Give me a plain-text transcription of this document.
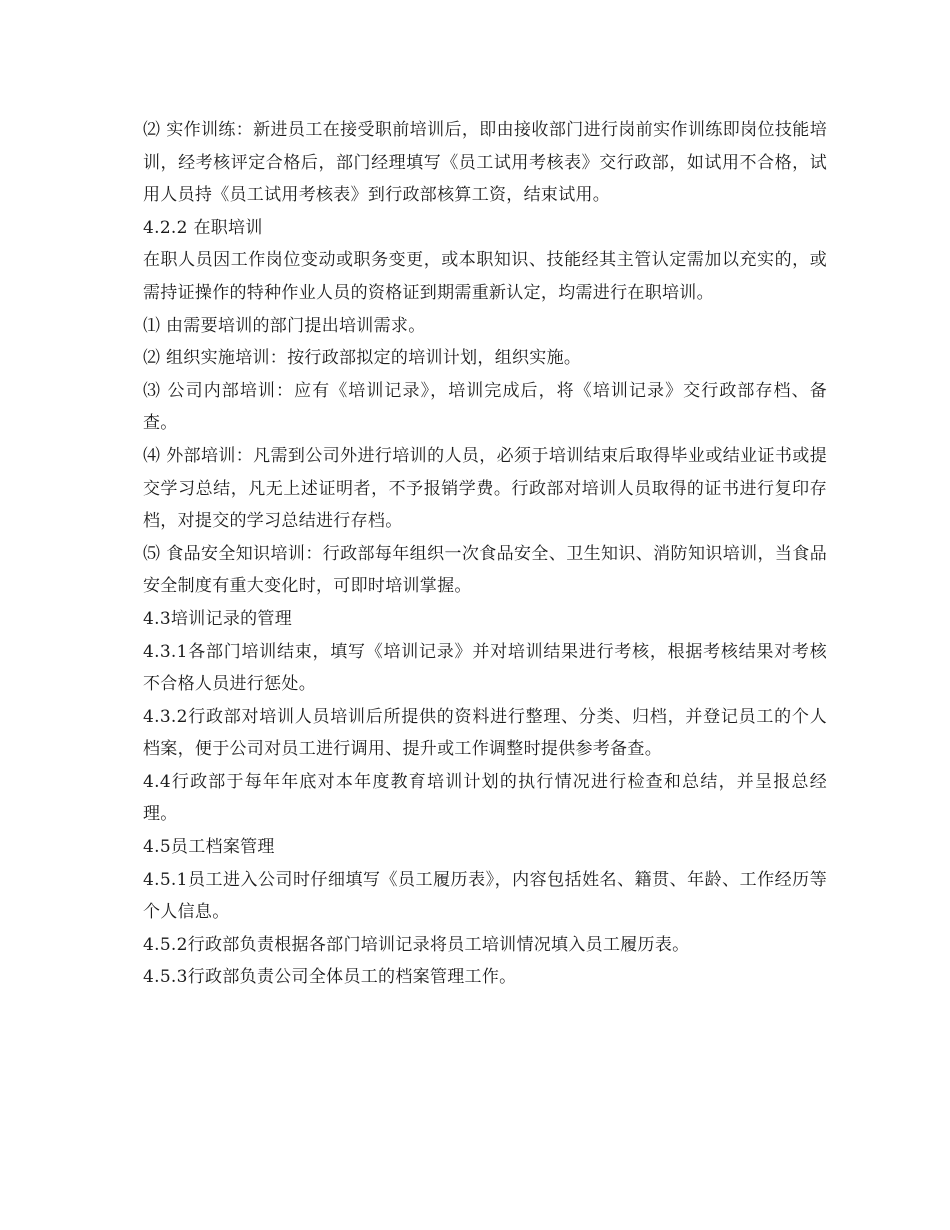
⑵ 实作训练：新进员工在接受职前培训后，即由接收部门进行岗前实作训练即岗位技能培训，经考核评定合格后，部门经理填写《员工试用考核表》交行政部，如试用不合格，试用人员持《员工试用考核表》到行政部核算工资，结束试用。

4.2.2 在职培训

在职人员因工作岗位变动或职务变更，或本职知识、技能经其主管认定需加以充实的，或需持证操作的特种作业人员的资格证到期需重新认定，均需进行在职培训。

⑴ 由需要培训的部门提出培训需求。

⑵ 组织实施培训：按行政部拟定的培训计划，组织实施。

⑶ 公司内部培训：应有《培训记录》，培训完成后，将《培训记录》交行政部存档、备查。

⑷ 外部培训：凡需到公司外进行培训的人员，必须于培训结束后取得毕业或结业证书或提交学习总结，凡无上述证明者，不予报销学费。行政部对培训人员取得的证书进行复印存档，对提交的学习总结进行存档。

⑸ 食品安全知识培训：行政部每年组织一次食品安全、卫生知识、消防知识培训，当食品安全制度有重大变化时，可即时培训掌握。

4.3培训记录的管理

4.3.1各部门培训结束，填写《培训记录》并对培训结果进行考核，根据考核结果对考核不合格人员进行惩处。

4.3.2行政部对培训人员培训后所提供的资料进行整理、分类、归档，并登记员工的个人档案，便于公司对员工进行调用、提升或工作调整时提供参考备查。

4.4行政部于每年年底对本年度教育培训计划的执行情况进行检查和总结，并呈报总经理。

4.5员工档案管理

4.5.1员工进入公司时仔细填写《员工履历表》，内容包括姓名、籍贯、年龄、工作经历等个人信息。

4.5.2行政部负责根据各部门培训记录将员工培训情况填入员工履历表。

4.5.3行政部负责公司全体员工的档案管理工作。
